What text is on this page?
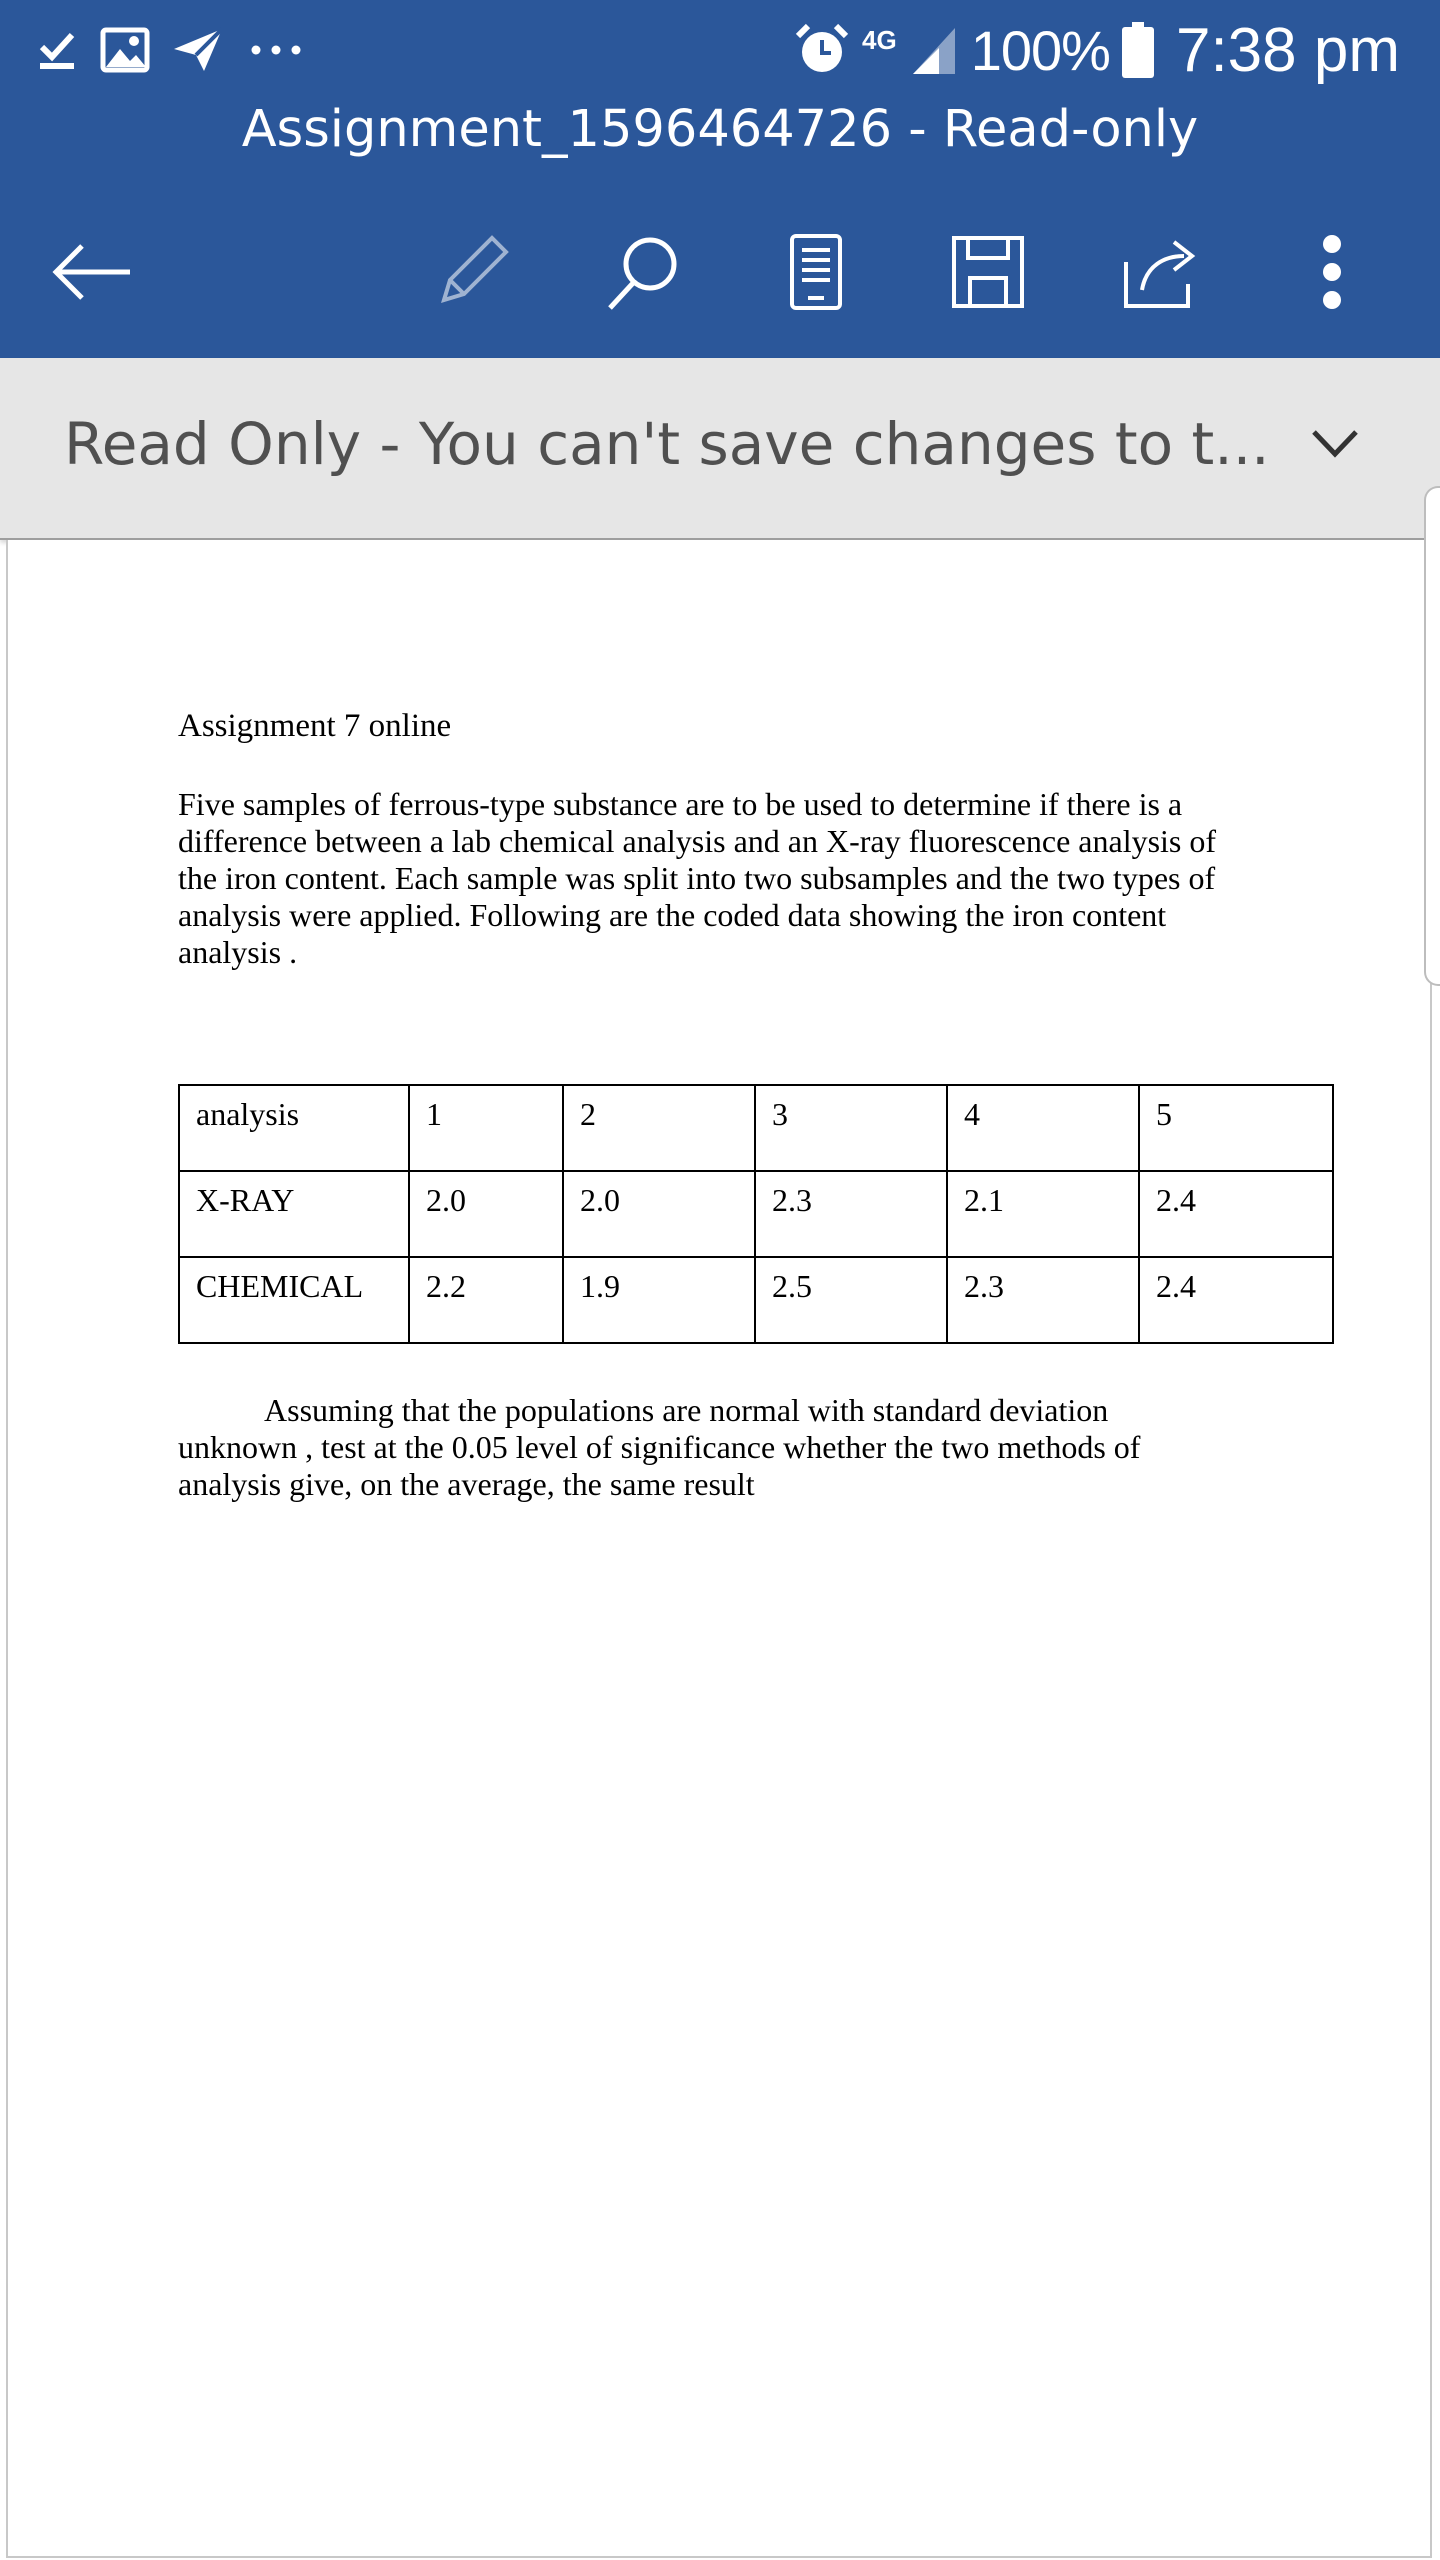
4G 100% 7:38 pm
Assignment_1596464726 - Read-only
Read Only - You can't save changes to t...
Assignment 7 online
Five samples of ferrous-type substance are to be used to determine if there is a difference between a lab chemical analysis and an X-ray fluorescence analysis of the iron content. Each sample was split into two subsamples and the two types of analysis were applied. Following are the coded data showing the iron content analysis .
analysis	1	2	3	4	5
X-RAY	2.0	2.0	2.3	2.1	2.4
CHEMICAL	2.2	1.9	2.5	2.3	2.4
Assuming that the populations are normal with standard deviation unknown , test at the 0.05 level of significance whether the two methods of analysis give, on the average, the same result
